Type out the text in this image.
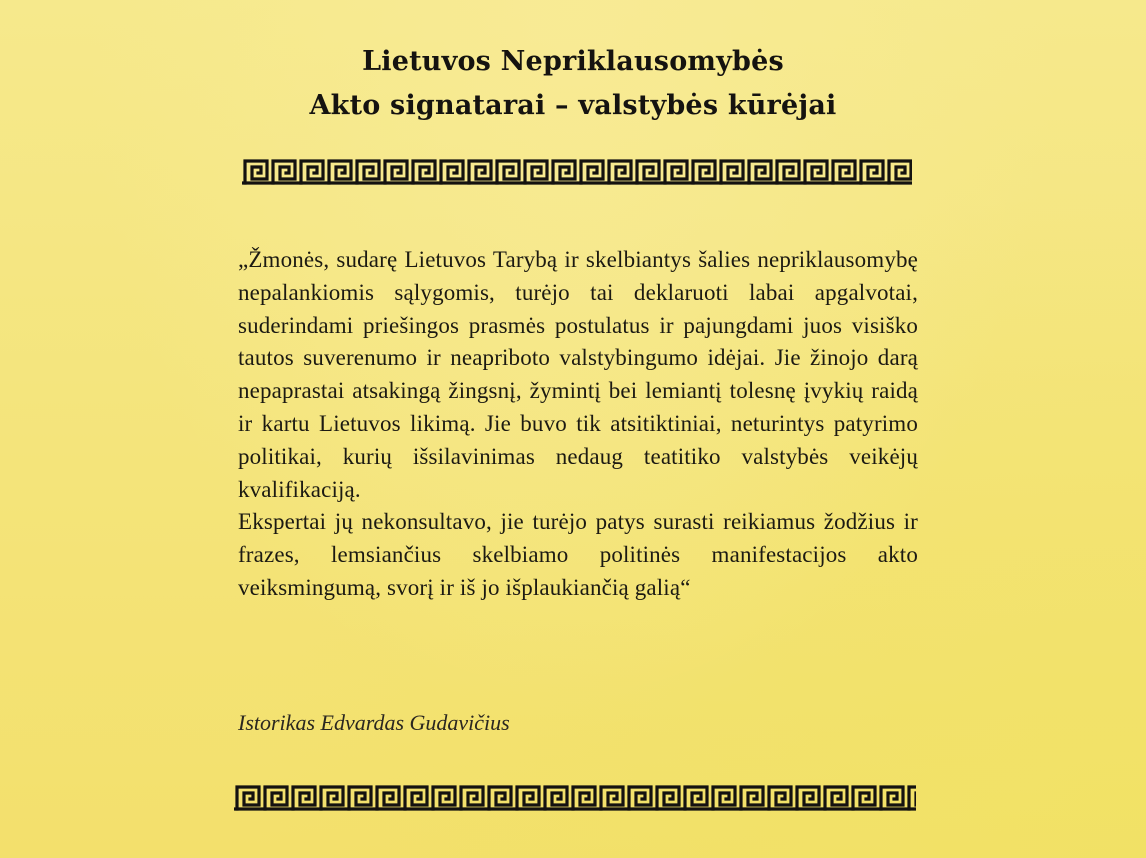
Lietuvos Nepriklausomybės
Akto signatarai – valstybės kūrėjai

„Žmonės, sudarę Lietuvos Tarybą ir skelbiantys šalies nepriklausomybę nepalankiomis sąlygomis, turėjo tai deklaruoti labai apgalvotai, suderindami priešingos prasmės postulatus ir pajungdami juos visiško tautos suverenumo ir neapriboto valstybingumo idėjai. Jie žinojo darą nepaprastai atsakingą žingsnį, žymintį bei lemiantį tolesnę įvykių raidą ir kartu Lietuvos likimą. Jie buvo tik atsitiktiniai, neturintys patyrimo politikai, kurių išsilavinimas nedaug teatitiko valstybės veikėjų kvalifikaciją.

Ekspertai jų nekonsultavo, jie turėjo patys surasti reikiamus žodžius ir frazes, lemsiančius skelbiamo politinės manifestacijos akto veiksmingumą, svorį ir iš jo išplaukiančią galią“

Istorikas Edvardas Gudavičius
